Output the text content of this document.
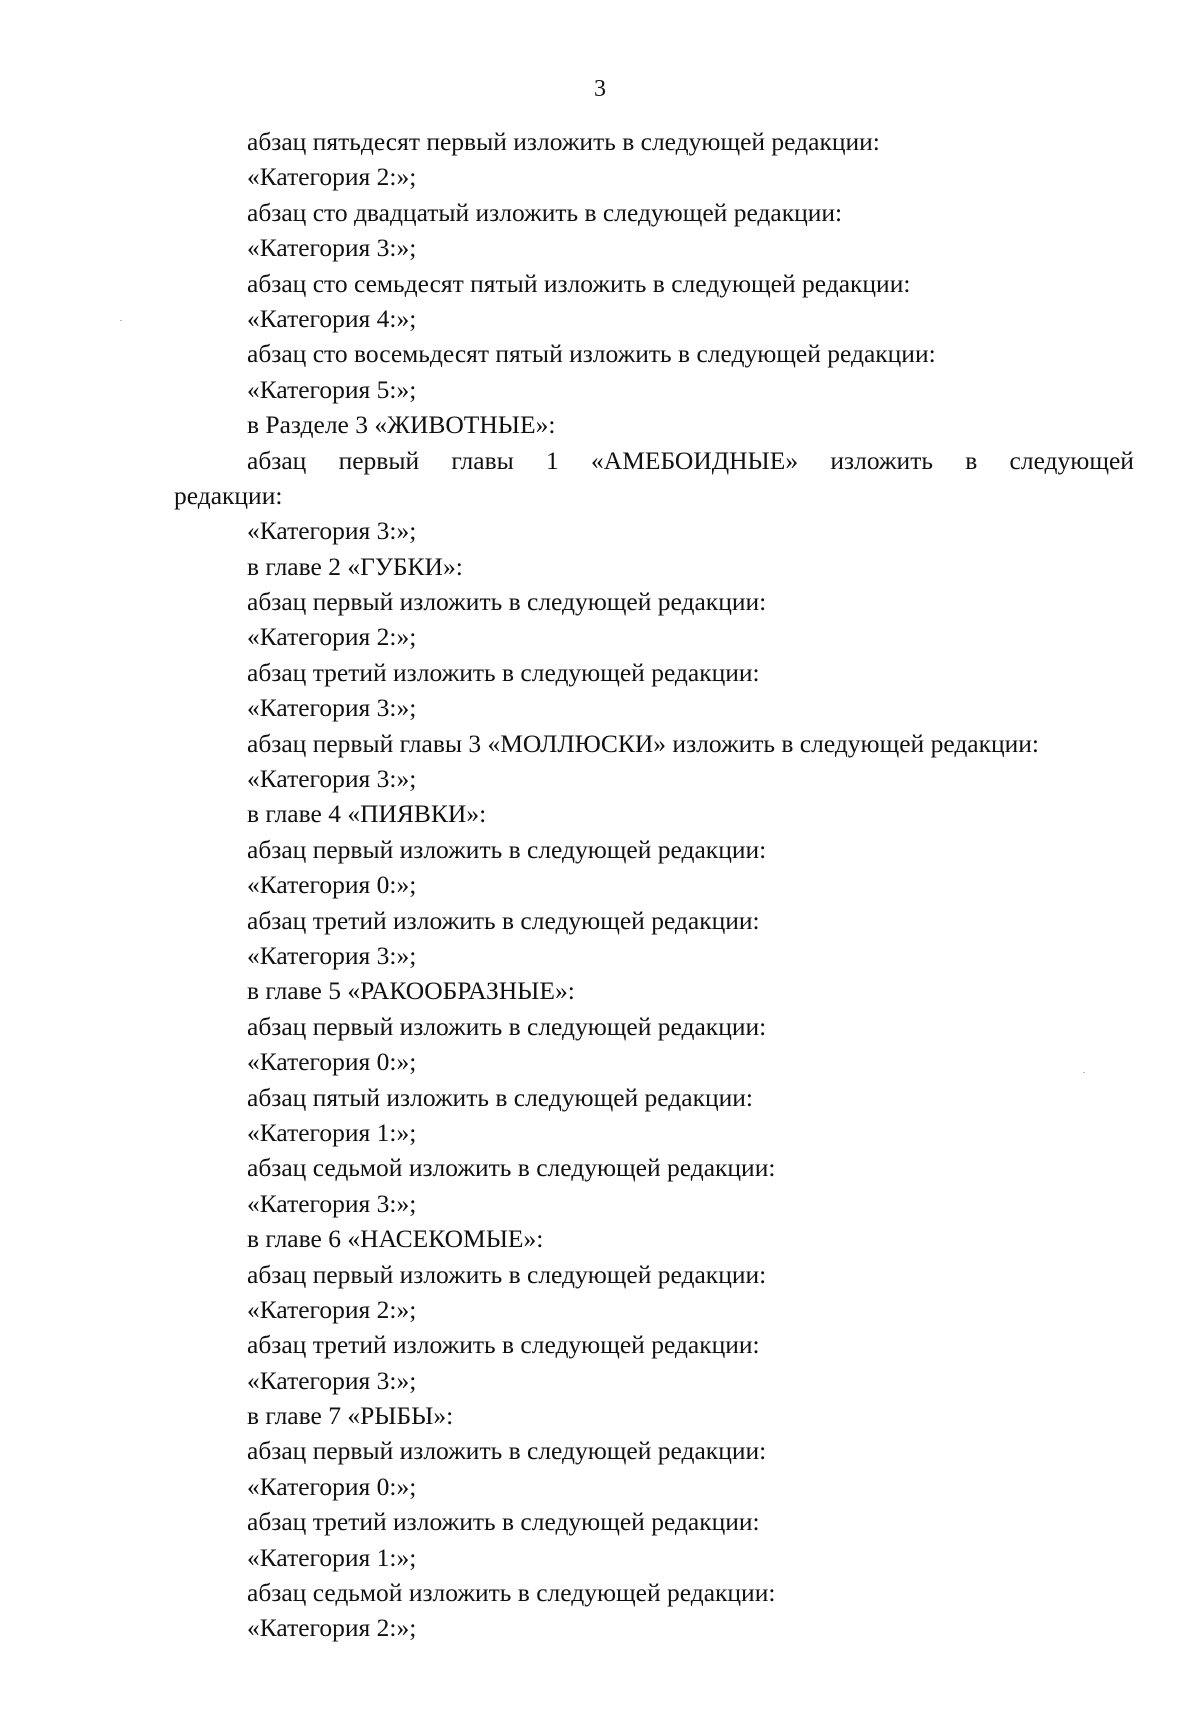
3
абзац пятьдесят первый изложить в следующей редакции:
«Категория 2:»;
абзац сто двадцатый изложить в следующей редакции:
«Категория 3:»;
абзац сто семьдесят пятый изложить в следующей редакции:
«Категория 4:»;
абзац сто восемьдесят пятый изложить в следующей редакции:
«Категория 5:»;
в Разделе 3 «ЖИВОТНЫЕ»:
абзац первый главы 1 «АМЕБОИДНЫЕ» изложить в следующей
редакции:
«Категория 3:»;
в главе 2 «ГУБКИ»:
абзац первый изложить в следующей редакции:
«Категория 2:»;
абзац третий изложить в следующей редакции:
«Категория 3:»;
абзац первый главы 3 «МОЛЛЮСКИ» изложить в следующей редакции:
«Категория 3:»;
в главе 4 «ПИЯВКИ»:
абзац первый изложить в следующей редакции:
«Категория 0:»;
абзац третий изложить в следующей редакции:
«Категория 3:»;
в главе 5 «РАКООБРАЗНЫЕ»:
абзац первый изложить в следующей редакции:
«Категория 0:»;
абзац пятый изложить в следующей редакции:
«Категория 1:»;
абзац седьмой изложить в следующей редакции:
«Категория 3:»;
в главе 6 «НАСЕКОМЫЕ»:
абзац первый изложить в следующей редакции:
«Категория 2:»;
абзац третий изложить в следующей редакции:
«Категория 3:»;
в главе 7 «РЫБЫ»:
абзац первый изложить в следующей редакции:
«Категория 0:»;
абзац третий изложить в следующей редакции:
«Категория 1:»;
абзац седьмой изложить в следующей редакции:
«Категория 2:»;
